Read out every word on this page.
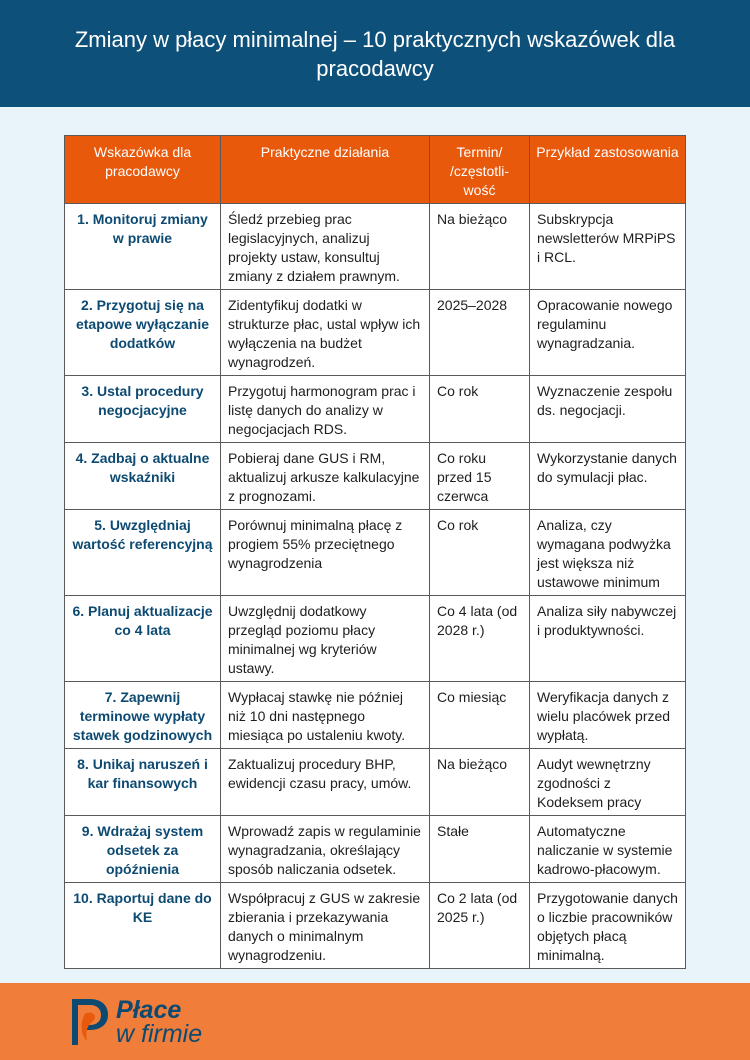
Zmiany w płacy minimalnej – 10 praktycznych wskazówek dla pracodawcy
Wskazówka dla pracodawcy	Praktyczne działania	Termin/ /częstotli-wość	Przykład zastosowania

1. Monitoruj zmiany w prawie	Śledź przebieg prac legislacyjnych, analizuj projekty ustaw, konsultuj zmiany z działem prawnym.	Na bieżąco	Subskrypcja newsletterów MRPiPS i RCL.

2. Przygotuj się na etapowe wyłączanie dodatków	Zidentyfikuj dodatki w strukturze płac, ustal wpływ ich wyłączenia na budżet wynagrodzeń.	2025–2028	Opracowanie nowego regulaminu wynagradzania.

3. Ustal procedury negocjacyjne	Przygotuj harmonogram prac i listę danych do analizy w negocjacjach RDS.	Co rok	Wyznaczenie zespołu ds. negocjacji.

4. Zadbaj o aktualne wskaźniki	Pobieraj dane GUS i RM, aktualizuj arkusze kalkulacyjne z prognozami.	Co roku przed 15 czerwca	Wykorzystanie danych do symulacji płac.

5. Uwzględniaj wartość referencyjną	Porównuj minimalną płacę z progiem 55% przeciętnego wynagrodzenia	Co rok	Analiza, czy wymagana podwyżka jest większa niż ustawowe minimum

6. Planuj aktualizacje co 4 lata	Uwzględnij dodatkowy przegląd poziomu płacy minimalnej wg kryteriów ustawy.	Co 4 lata (od 2028 r.)	Analiza siły nabywczej i produktywności.

7. Zapewnij terminowe wypłaty stawek godzinowych	Wypłacaj stawkę nie później niż 10 dni następnego miesiąca po ustaleniu kwoty.	Co miesiąc	Weryfikacja danych z wielu placówek przed wypłatą.

8. Unikaj naruszeń i kar finansowych	Zaktualizuj procedury BHP, ewidencji czasu pracy, umów.	Na bieżąco	Audyt wewnętrzny zgodności z Kodeksem pracy

9. Wdrażaj system odsetek za opóźnienia	Wprowadź zapis w regulaminie wynagradzania, określający sposób naliczania odsetek.	Stałe	Automatyczne naliczanie w systemie kadrowo-płacowym.

10. Raportuj dane do KE	Współpracuj z GUS w zakresie zbierania i przekazywania danych o minimalnym wynagrodzeniu.	Co 2 lata (od 2025 r.)	Przygotowanie danych o liczbie pracowników objętych płacą minimalną.
Płace
w firmie
